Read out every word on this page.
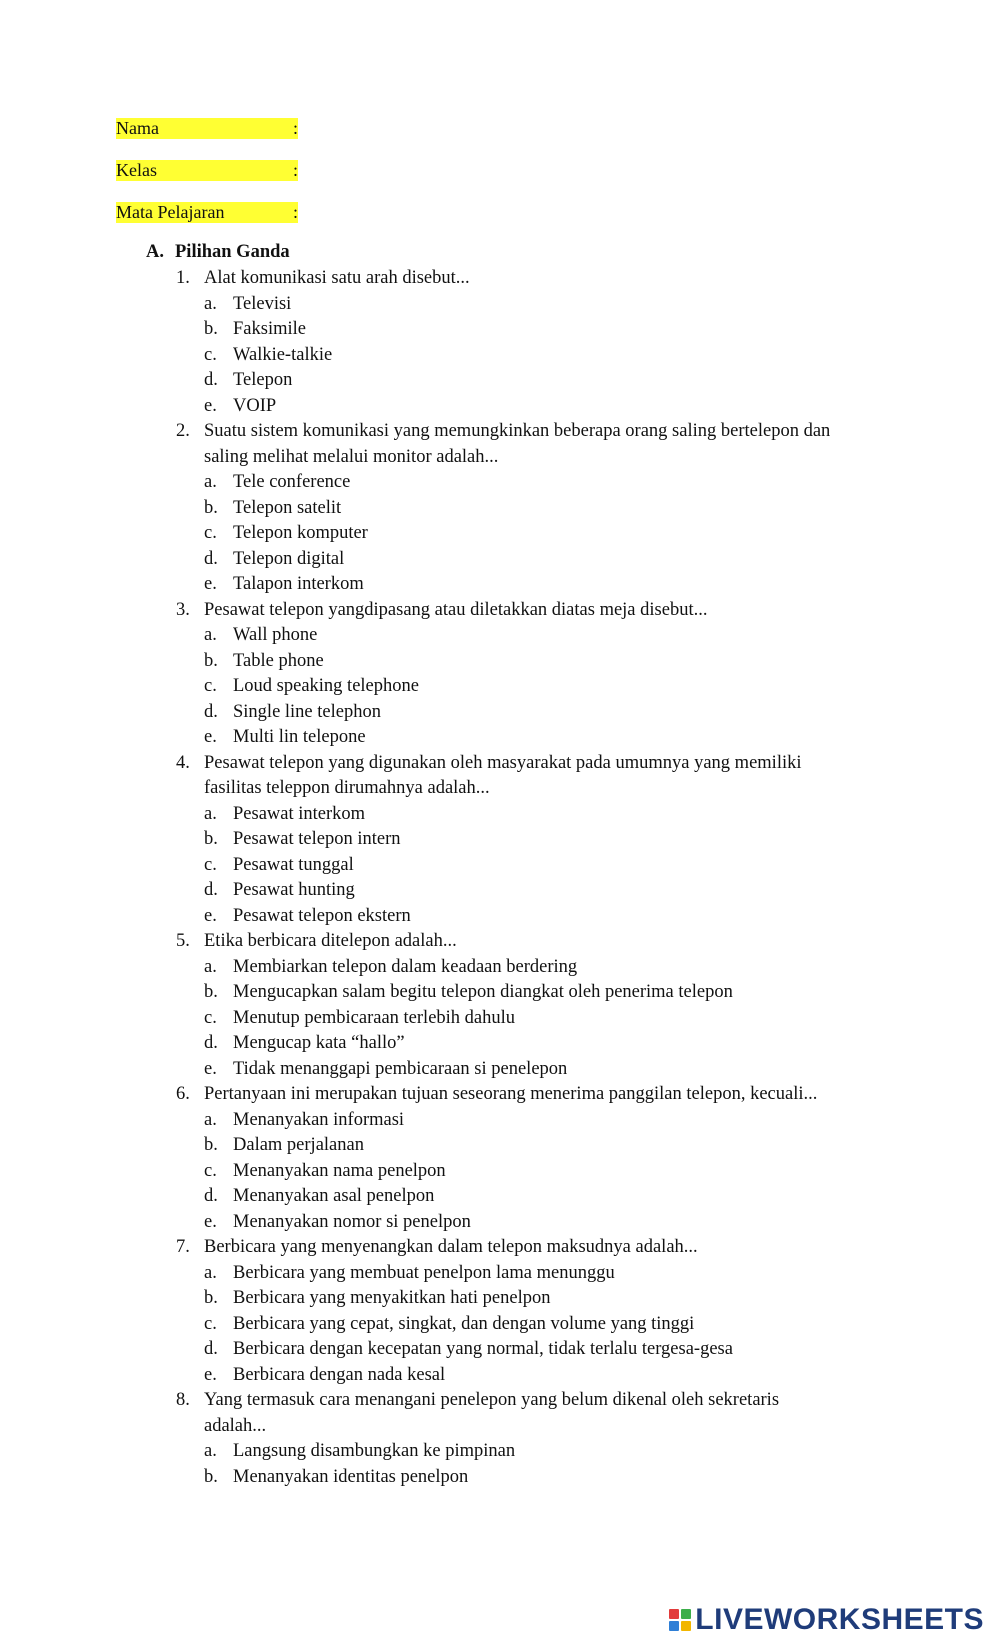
Nama	:
Kelas	:
Mata Pelajaran	:
A. Pilihan Ganda
1. Alat komunikasi satu arah disebut...
a. Televisi
b. Faksimile
c. Walkie-talkie
d. Telepon
e. VOIP
2. Suatu sistem komunikasi yang memungkinkan beberapa orang saling bertelepon dan
saling melihat melalui monitor adalah...
a. Tele conference
b. Telepon satelit
c. Telepon komputer
d. Telepon digital
e. Talapon interkom
3. Pesawat telepon yangdipasang atau diletakkan diatas meja disebut...
a. Wall phone
b. Table phone
c. Loud speaking telephone
d. Single line telephon
e. Multi lin telepone
4. Pesawat telepon yang digunakan oleh masyarakat pada umumnya yang memiliki
fasilitas teleppon dirumahnya adalah...
a. Pesawat interkom
b. Pesawat telepon intern
c. Pesawat tunggal
d. Pesawat hunting
e. Pesawat telepon ekstern
5. Etika berbicara ditelepon adalah...
a. Membiarkan telepon dalam keadaan berdering
b. Mengucapkan salam begitu telepon diangkat oleh penerima telepon
c. Menutup pembicaraan terlebih dahulu
d. Mengucap kata “hallo”
e. Tidak menanggapi pembicaraan si penelepon
6. Pertanyaan ini merupakan tujuan seseorang menerima panggilan telepon, kecuali...
a. Menanyakan informasi
b. Dalam perjalanan
c. Menanyakan nama penelpon
d. Menanyakan asal penelpon
e. Menanyakan nomor si penelpon
7. Berbicara yang menyenangkan dalam telepon maksudnya adalah...
a. Berbicara yang membuat penelpon lama menunggu
b. Berbicara yang menyakitkan hati penelpon
c. Berbicara yang cepat, singkat, dan dengan volume yang tinggi
d. Berbicara dengan kecepatan yang normal, tidak terlalu tergesa-gesa
e. Berbicara dengan nada kesal
8. Yang termasuk cara menangani penelepon yang belum dikenal oleh sekretaris
adalah...
a. Langsung disambungkan ke pimpinan
b. Menanyakan identitas penelpon
LIVEWORKSHEETS
